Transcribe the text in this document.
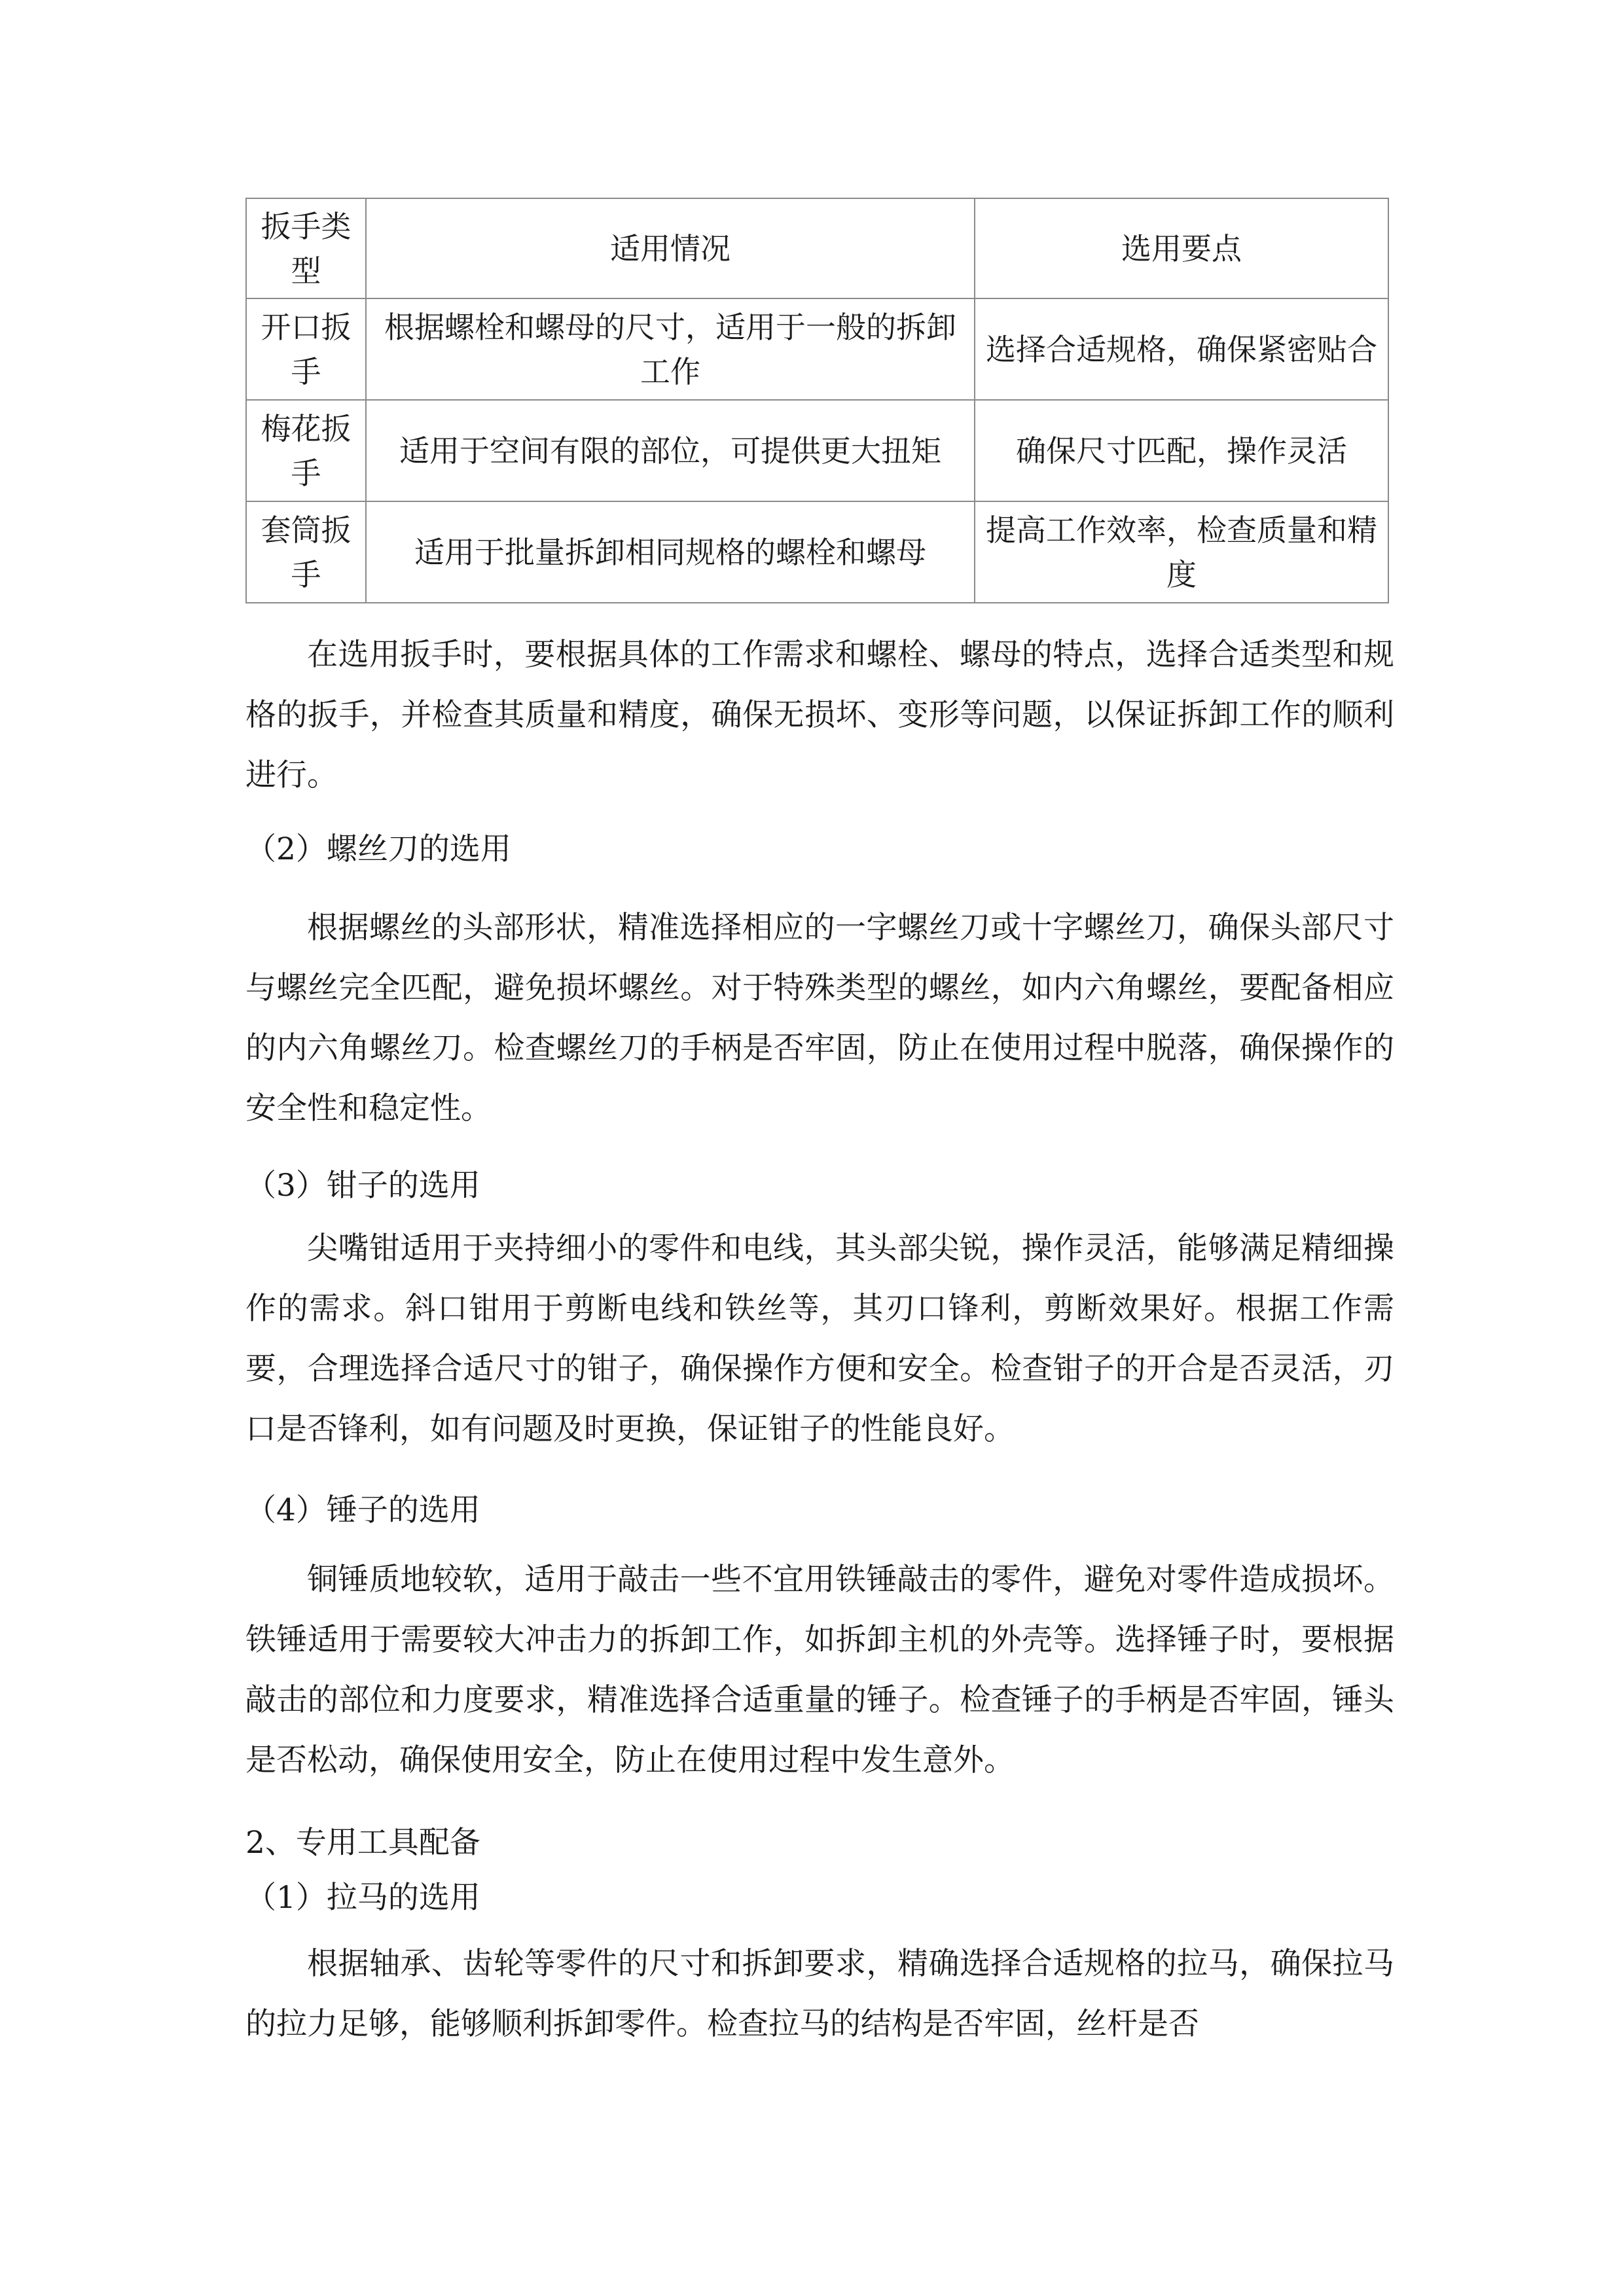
扳手类型	适用情况	选用要点
开口扳手	根据螺栓和螺母的尺寸，适用于一般的拆卸工作	选择合适规格，确保紧密贴合
梅花扳手	适用于空间有限的部位，可提供更大扭矩	确保尺寸匹配，操作灵活
套筒扳手	适用于批量拆卸相同规格的螺栓和螺母	提高工作效率，检查质量和精度

在选用扳手时，要根据具体的工作需求和螺栓、螺母的特点，选择合适类型和规格的扳手，并检查其质量和精度，确保无损坏、变形等问题，以保证拆卸工作的顺利进行。

（2）螺丝刀的选用

根据螺丝的头部形状，精准选择相应的一字螺丝刀或十字螺丝刀，确保头部尺寸与螺丝完全匹配，避免损坏螺丝。对于特殊类型的螺丝，如内六角螺丝，要配备相应的内六角螺丝刀。检查螺丝刀的手柄是否牢固，防止在使用过程中脱落，确保操作的安全性和稳定性。

（3）钳子的选用

尖嘴钳适用于夹持细小的零件和电线，其头部尖锐，操作灵活，能够满足精细操作的需求。斜口钳用于剪断电线和铁丝等，其刃口锋利，剪断效果好。根据工作需要，合理选择合适尺寸的钳子，确保操作方便和安全。检查钳子的开合是否灵活，刃口是否锋利，如有问题及时更换，保证钳子的性能良好。

（4）锤子的选用

铜锤质地较软，适用于敲击一些不宜用铁锤敲击的零件，避免对零件造成损坏。铁锤适用于需要较大冲击力的拆卸工作，如拆卸主机的外壳等。选择锤子时，要根据敲击的部位和力度要求，精准选择合适重量的锤子。检查锤子的手柄是否牢固，锤头是否松动，确保使用安全，防止在使用过程中发生意外。

2、专用工具配备

（1）拉马的选用

根据轴承、齿轮等零件的尺寸和拆卸要求，精确选择合适规格的拉马，确保拉马的拉力足够，能够顺利拆卸零件。检查拉马的结构是否牢固，丝杆是否
